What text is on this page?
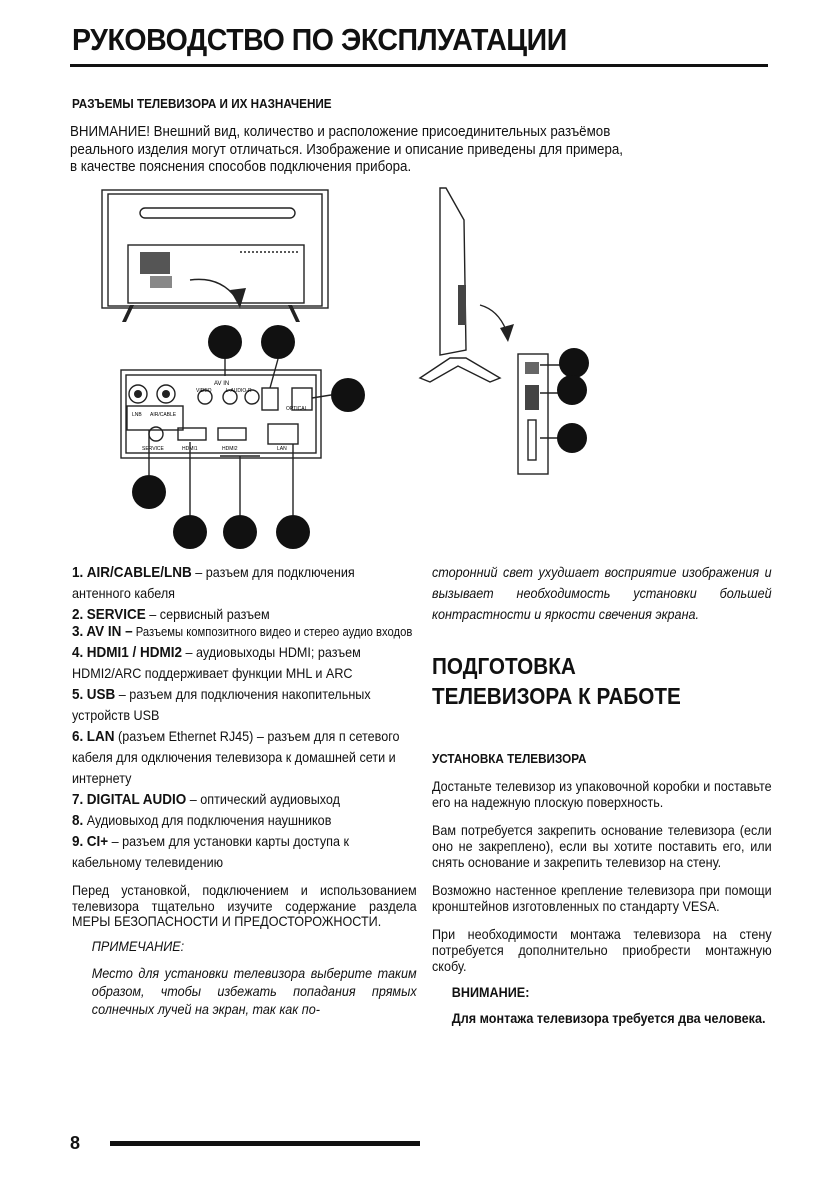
РУКОВОДСТВО ПО ЭКСПЛУАТАЦИИ
РАЗЪЕМЫ ТЕЛЕВИЗОРА И ИХ НАЗНАЧЕНИЕ

ВНИМАНИЕ! Внешний вид, количество и расположение присоединительных разъёмов

реального изделия могут отличаться. Изображение и описание приведены для примера,

в качестве пояснения способов подключения прибора.

AV IN
VIDEO	L-AUDIO-R
LNB AIR/CABLE
SERVICE	HDMI1	HDMI2	LAN
OPTICAL

1. AIR/CABLE/LNB – разъем для подключения антенного кабеля

2. SERVICE – сервисный разъем

3. AV IN – Разъемы композитного видео и стерео аудио входов

4. HDMI1 / HDMI2 – аудиовыходы HDMI; разъем HDMI2/ARC поддерживает функции MHL и ARC

5. USB – разъем для подключения накопительных устройств USB

6. LAN (разъем Ethernet RJ45) – разъем для п сетевого кабеля для одключения телевизора к домашней сети и интернету

7. DIGITAL AUDIO – оптический аудиовыход

8. Аудиовыход для подключения наушников

9. CI+ – разъем для установки карты доступа к кабельному телевидению

Перед установкой, подключением и использованием телевизора тщательно изучите содержание раздела МЕРЫ БЕЗОПАСНОСТИ И ПРЕДОСТОРОЖНОСТИ.

ПРИМЕЧАНИЕ:

Место для установки телевизора выберите таким образом, чтобы избежать попадания прямых солнечных лучей на экран, так как по-

сторонний свет ухудшает восприятие изображения и вызывает необходимость установки большей контрастности и яркости свечения экрана.

ПОДГОТОВКА
ТЕЛЕВИЗОРА К РАБОТЕ

УСТАНОВКА ТЕЛЕВИЗОРА

Достаньте телевизор из упаковочной коробки и поставьте его на надежную плоскую поверхность.

Вам потребуется закрепить основание телевизора (если оно не закреплено), если вы хотите поставить его, или снять основание и закрепить телевизор на стену.

Возможно настенное крепление телевизора при помощи кронштейнов изготовленных по стандарту VESA.

При необходимости монтажа телевизора на стену потребуется дополнительно приобрести монтажную скобу.

ВНИМАНИЕ:

Для монтажа телевизора требуется два человека.

8
